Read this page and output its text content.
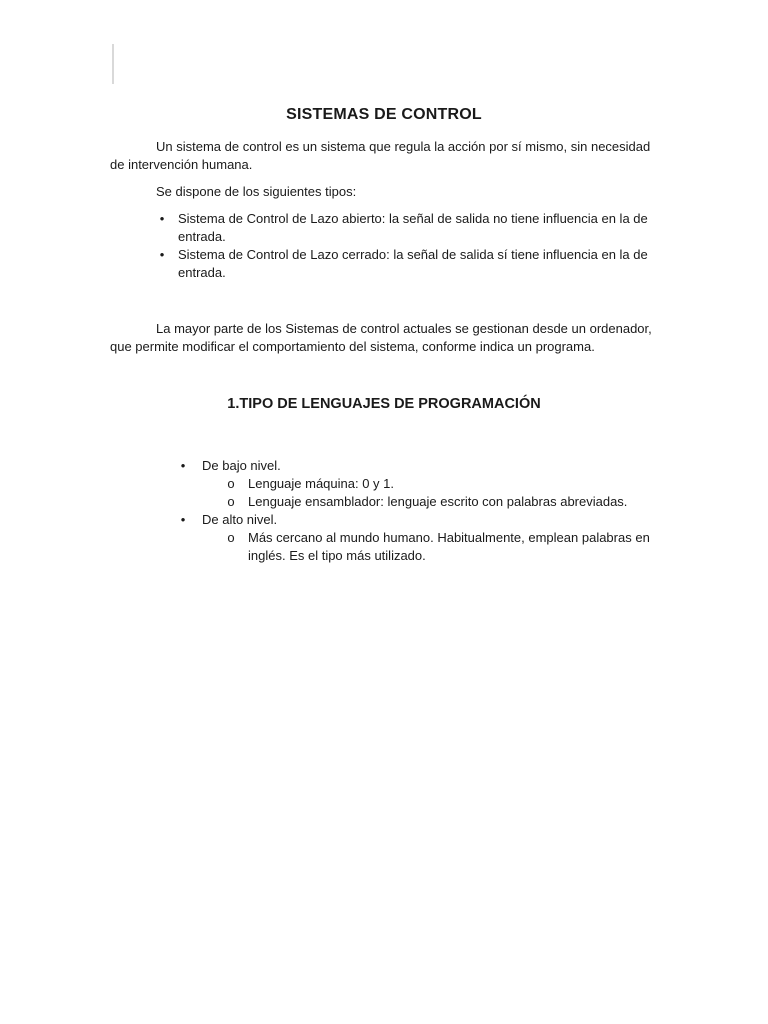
SISTEMAS DE CONTROL

Un sistema de control es un sistema que regula la acción por sí mismo, sin necesidad de intervención humana.

Se dispone de los siguientes tipos:

• Sistema de Control de Lazo abierto: la señal de salida no tiene influencia en la de entrada.
• Sistema de Control de Lazo cerrado: la señal de salida sí tiene influencia en la de entrada.

La mayor parte de los Sistemas de control actuales se gestionan desde un ordenador, que permite modificar el comportamiento del sistema, conforme indica un programa.

1.TIPO DE LENGUAJES DE PROGRAMACIÓN
• De bajo nivel.
o Lenguaje máquina: 0 y 1.
o Lenguaje ensamblador: lenguaje escrito con palabras abreviadas.
• De alto nivel.
o Más cercano al mundo humano. Habitualmente, emplean palabras en inglés. Es el tipo más utilizado.
